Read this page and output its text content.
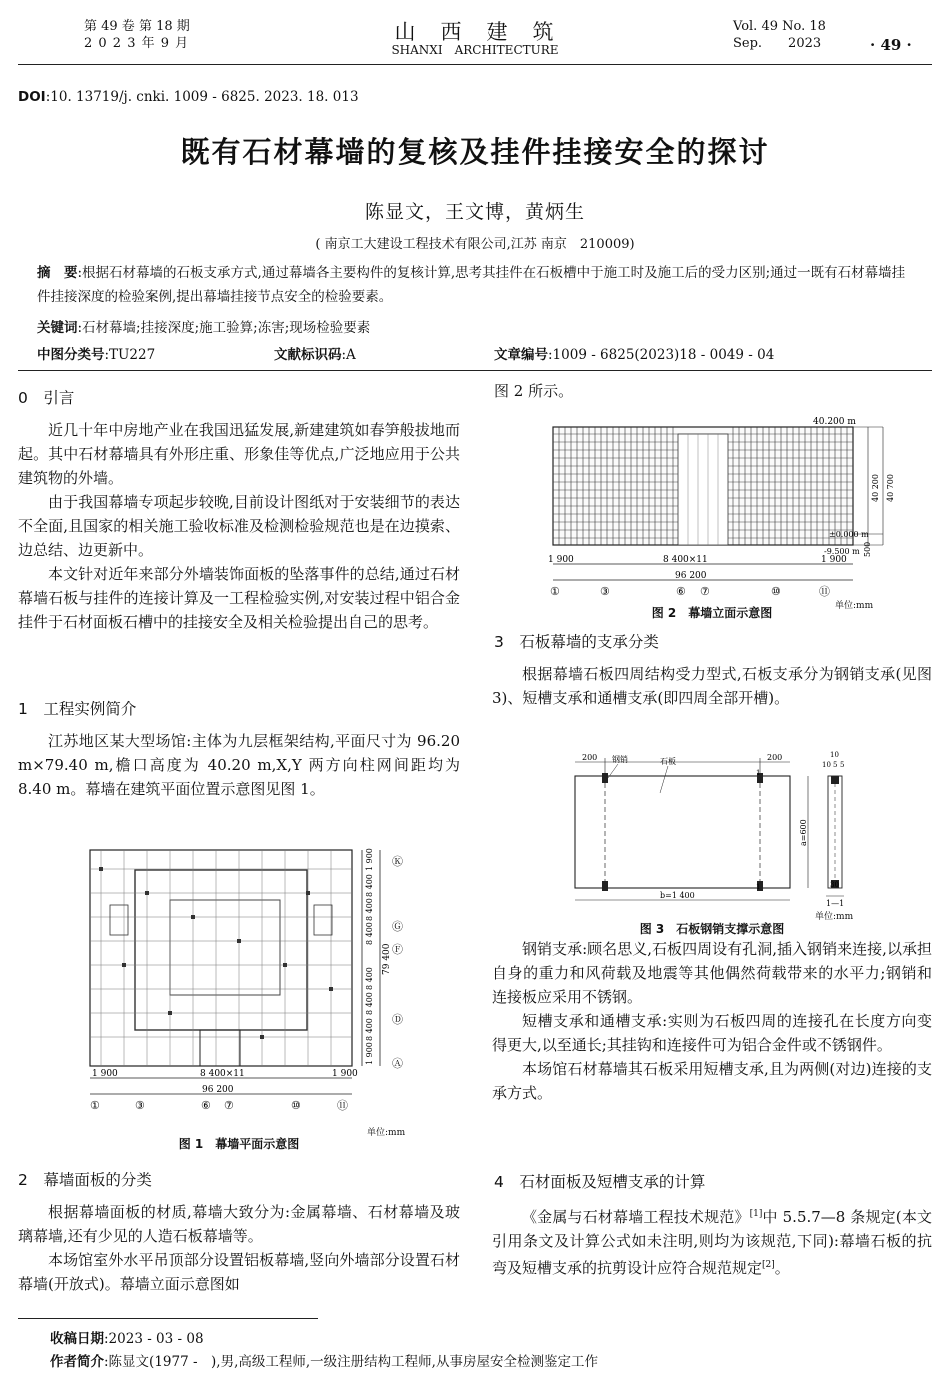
第 49 卷 第 18 期
2 0 2 3 年 9 月	山　西　建　筑
SHANXI　ARCHITECTURE
Vol. 49 No. 18
Sep.　　2023	· 49 ·
DOI:10. 13719/j. cnki. 1009 - 6825. 2023. 18. 013
既有石材幕墙的复核及挂件挂接安全的探讨
陈显文，王文博，黄炳生
( 南京工大建设工程技术有限公司,江苏 南京　210009)
摘　要:根据石材幕墙的石板支承方式,通过幕墙各主要构件的复核计算,思考其挂件在石板槽中于施工时及施工后的受力区别;通过一既有石材幕墙挂件挂接深度的检验案例,提出幕墙挂接节点安全的检验要素。
关键词:石材幕墙;挂接深度;施工验算;冻害;现场检验要素
中图分类号:TU227	文献标识码:A	文章编号:1009 - 6825(2023)18 - 0049 - 04
0　引言

近几十年中房地产业在我国迅猛发展,新建建筑如春笋般拔地而起。其中石材幕墙具有外形庄重、形象佳等优点,广泛地应用于公共建筑物的外墙。

由于我国幕墙专项起步较晚,目前设计图纸对于安装细节的表达不全面,且国家的相关施工验收标准及检测检验规范也是在边摸索、边总结、边更新中。

本文针对近年来部分外墙装饰面板的坠落事件的总结,通过石材幕墙石板与挂件的连接计算及一工程检验实例,对安装过程中铝合金挂件于石材面板石槽中的挂接安全及相关检验提出自己的思考。

1　工程实例简介

江苏地区某大型场馆:主体为九层框架结构,平面尺寸为 96.20 m×79.40 m,檐口高度为 40.20 m,X,Y 两方向柱网间距均为 8.40 m。幕墙在建筑平面位置示意图见图 1。

1 900	8 400×11	1 900
96 200
①	③	⑥ ⑦	⑩	⑪
1 900
8 400
8 400
8 400
8 400
8 400
8 400
1 900
79 400
Ⓚ
Ⓖ
Ⓕ
Ⓓ
Ⓐ
单位:mm
图 1　幕墙平面示意图
2　幕墙面板的分类

根据幕墙面板的材质,幕墙大致分为:金属幕墙、石材幕墙及玻璃幕墙,还有少见的人造石板幕墙等。

本场馆室外水平吊顶部分设置铝板幕墙,竖向外墙部分设置石材幕墙(开放式)。幕墙立面示意图如

图 2 所示。
40.200 m
±0.000 m
-9.500 m
40 200 40 700
500
1 900	8 400×11	1 900
96 200
①	③	⑥ ⑦	⑩	⑪
单位:mm
图 2　幕墙立面示意图
3　石板幕墙的支承分类

根据幕墙石板四周结构受力型式,石板支承分为钢销支承(见图 3)、短槽支承和通槽支承(即四周全部开槽)。

200	200
钢销	石板
b=1 400
a=600
1
1
10
10 5 5
30
1—1
单位:mm
图 3　石板钢销支撑示意图

钢销支承:顾名思义,石板四周设有孔洞,插入钢销来连接,以承担自身的重力和风荷载及地震等其他偶然荷载带来的水平力;钢销和连接板应采用不锈钢。

短槽支承和通槽支承:实则为石板四周的连接孔在长度方向变得更大,以至通长;其挂钩和连接件可为铝合金件或不锈钢件。

本场馆石材幕墙其石板采用短槽支承,且为两侧(对边)连接的支承方式。

4　石材面板及短槽支承的计算

《金属与石材幕墙工程技术规范》[1]中 5.5.7—8 条规定(本文引用条文及计算公式如未注明,则均为该规范,下同):幕墙石板的抗弯及短槽支承的抗剪设计应符合规范规定[2]。

收稿日期:2023 - 03 - 08
作者简介:陈显文(1977 -　),男,高级工程师,一级注册结构工程师,从事房屋安全检测鉴定工作
